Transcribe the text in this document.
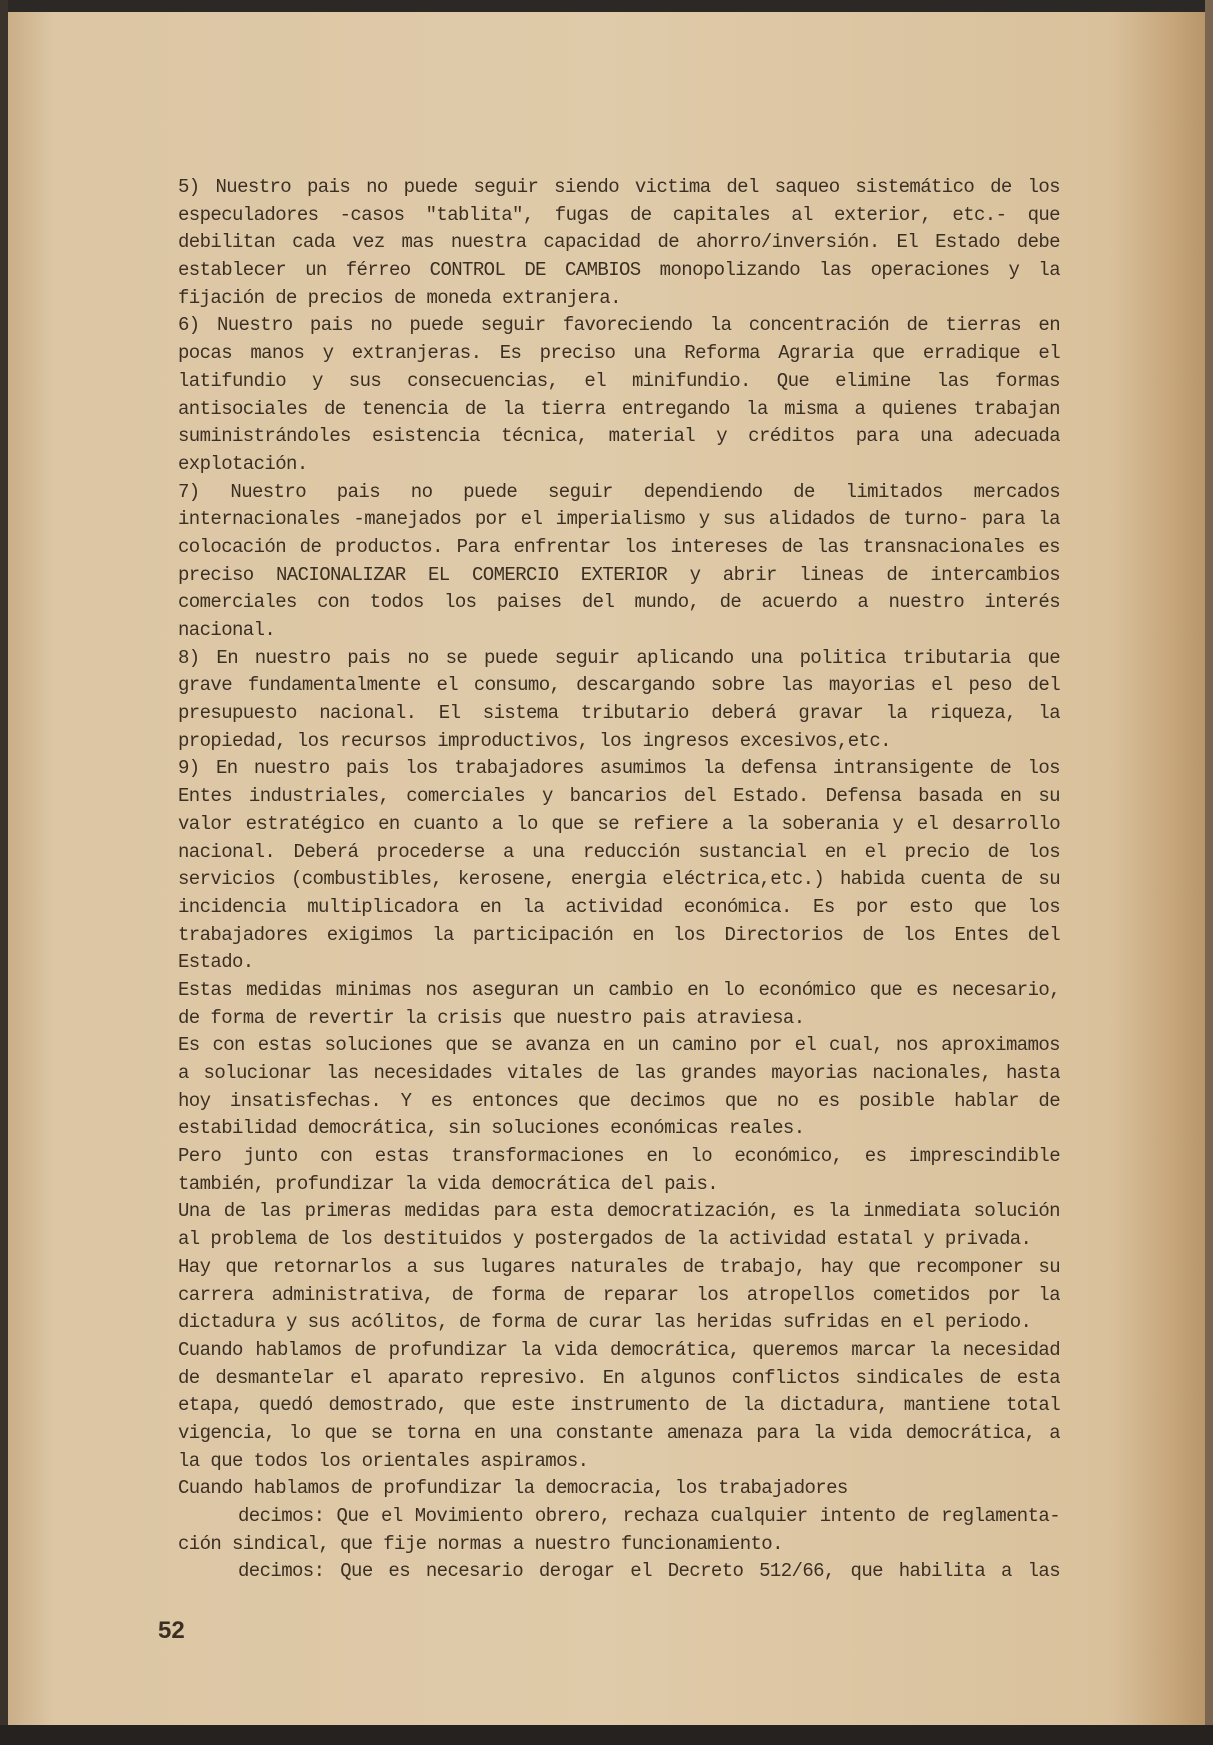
5) Nuestro pais no puede seguir siendo victima del saqueo sistemático de los
especuladores -casos "tablita", fugas de capitales al exterior, etc.- que
debilitan cada vez mas nuestra capacidad de ahorro/inversión. El Estado debe
establecer un férreo CONTROL DE CAMBIOS monopolizando las operaciones y la
fijación de precios de moneda extranjera.
6) Nuestro pais no puede seguir favoreciendo la concentración de tierras en
pocas manos y extranjeras. Es preciso una Reforma Agraria que erradique el
latifundio y sus consecuencias, el minifundio. Que elimine las formas
antisociales de tenencia de la tierra entregando la misma a quienes trabajan
suministrándoles esistencia técnica, material y créditos para una adecuada
explotación.
7) Nuestro pais no puede seguir dependiendo de limitados mercados
internacionales -manejados por el imperialismo y sus alidados de turno- para la
colocación de productos. Para enfrentar los intereses de las transnacionales es
preciso NACIONALIZAR EL COMERCIO EXTERIOR y abrir lineas de intercambios
comerciales con todos los paises del mundo, de acuerdo a nuestro interés
nacional.
8) En nuestro pais no se puede seguir aplicando una politica tributaria que
grave fundamentalmente el consumo, descargando sobre las mayorias el peso del
presupuesto nacional. El sistema tributario deberá gravar la riqueza, la
propiedad, los recursos improductivos, los ingresos excesivos,etc.
9) En nuestro pais los trabajadores asumimos la defensa intransigente de los
Entes industriales, comerciales y bancarios del Estado. Defensa basada en su
valor estratégico en cuanto a lo que se refiere a la soberania y el desarrollo
nacional. Deberá procederse a una reducción sustancial en el precio de los
servicios (combustibles, kerosene, energia eléctrica,etc.) habida cuenta de su
incidencia multiplicadora en la actividad económica. Es por esto que los
trabajadores exigimos la participación en los Directorios de los Entes del
Estado.
Estas medidas minimas nos aseguran un cambio en lo económico que es necesario,
de forma de revertir la crisis que nuestro pais atraviesa.
Es con estas soluciones que se avanza en un camino por el cual, nos aproximamos
a solucionar las necesidades vitales de las grandes mayorias nacionales, hasta
hoy insatisfechas. Y es entonces que decimos que no es posible hablar de
estabilidad democrática, sin soluciones económicas reales.
Pero junto con estas transformaciones en lo económico, es imprescindible
también, profundizar la vida democrática del pais.
Una de las primeras medidas para esta democratización, es la inmediata solución
al problema de los destituidos y postergados de la actividad estatal y privada.
Hay que retornarlos a sus lugares naturales de trabajo, hay que recomponer su
carrera administrativa, de forma de reparar los atropellos cometidos por la
dictadura y sus acólitos, de forma de curar las heridas sufridas en el periodo.
Cuando hablamos de profundizar la vida democrática, queremos marcar la necesidad
de desmantelar el aparato represivo. En algunos conflictos sindicales de esta
etapa, quedó demostrado, que este instrumento de la dictadura, mantiene total
vigencia, lo que se torna en una constante amenaza para la vida democrática, a
la que todos los orientales aspiramos.
Cuando hablamos de profundizar la democracia, los trabajadores
decimos: Que el Movimiento obrero, rechaza cualquier intento de reglamenta-
ción sindical, que fije normas a nuestro funcionamiento.
decimos: Que es necesario derogar el Decreto 512/66, que habilita a las
52
